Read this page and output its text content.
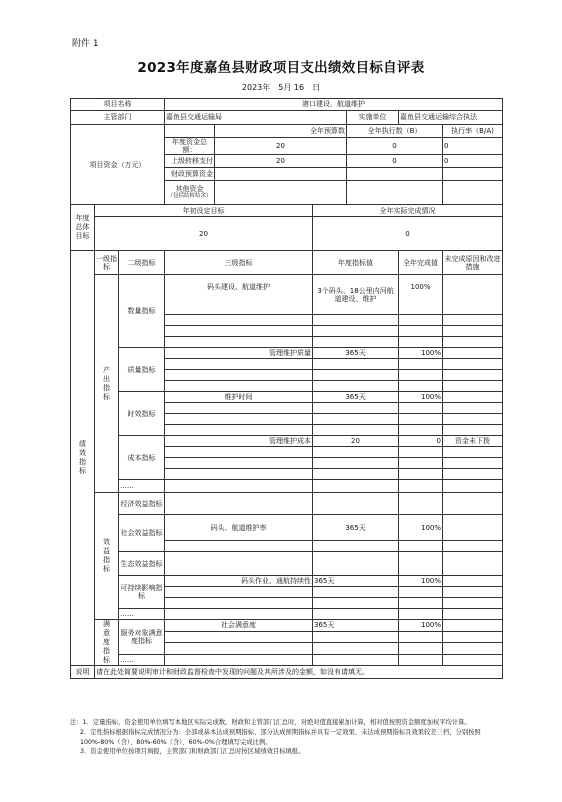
附件 1
2023年度嘉鱼县财政项目支出绩效目标自评表
2023年　5月 16　日
项目名称			港口建设、航道维护					
主管部门			嘉鱼县交通运输局			实施单位	嘉鱼县交通运输综合执法	
项目资金（万元）				全年预算数		全年执行数（B）		执行率（B/A)
			年度资金总额：	20		0		0
			上级转移支付	20		0		0
			财政预算资金					

			其他资金
（包括结转结余）					

年度总体目标	年初设定目标				全年实际完成情况			
	20				0			

绩效指标	一级指标	二级指标	三级指标		年度指标值		全年完成值	未完成原因和改进措施

	产出指标	数量指标	码头建设、航道维护		3个码头、18公里内河航道建设、维护		100%	

		质量指标	管理维护质量		365天		100%	

		时效指标	维护时间		365天		100%	

		成本指标	管理维护成本		20		0	资金未下拨

		……						

	效益指标	经济效益指标						
		社会效益指标	码头、航道维护率		365天		100%	

		生态效益指标						
		可持续影响指标	码头作业、通航持续性		365天		100%	

		……						

	满意度指标	服务对象满意度指标	社会满意度		365天		100%	

		……						
说明	请在此处简要说明审计和财政监督检查中发现的问题及其所涉及的金额，如没有请填无。							

注：1．定量指标，资金使用单位填写本地区实际完成数。财政和主管部门汇总时，对绝对值直接累加计算，相对值按照资金额度加权平均计算。

2．定性指标根据指标完成情况分为：全部或基本达成预期指标、部分达成预期指标并具有一定效果、未达成预期指标且效果较差三档，分别按照100%-80%（含）、80%-60%（含）、60%-0%合理填写完成比例。

3．资金使用单位按项目填报，主管部门和财政部门汇总时按区域绩效目标填报。
